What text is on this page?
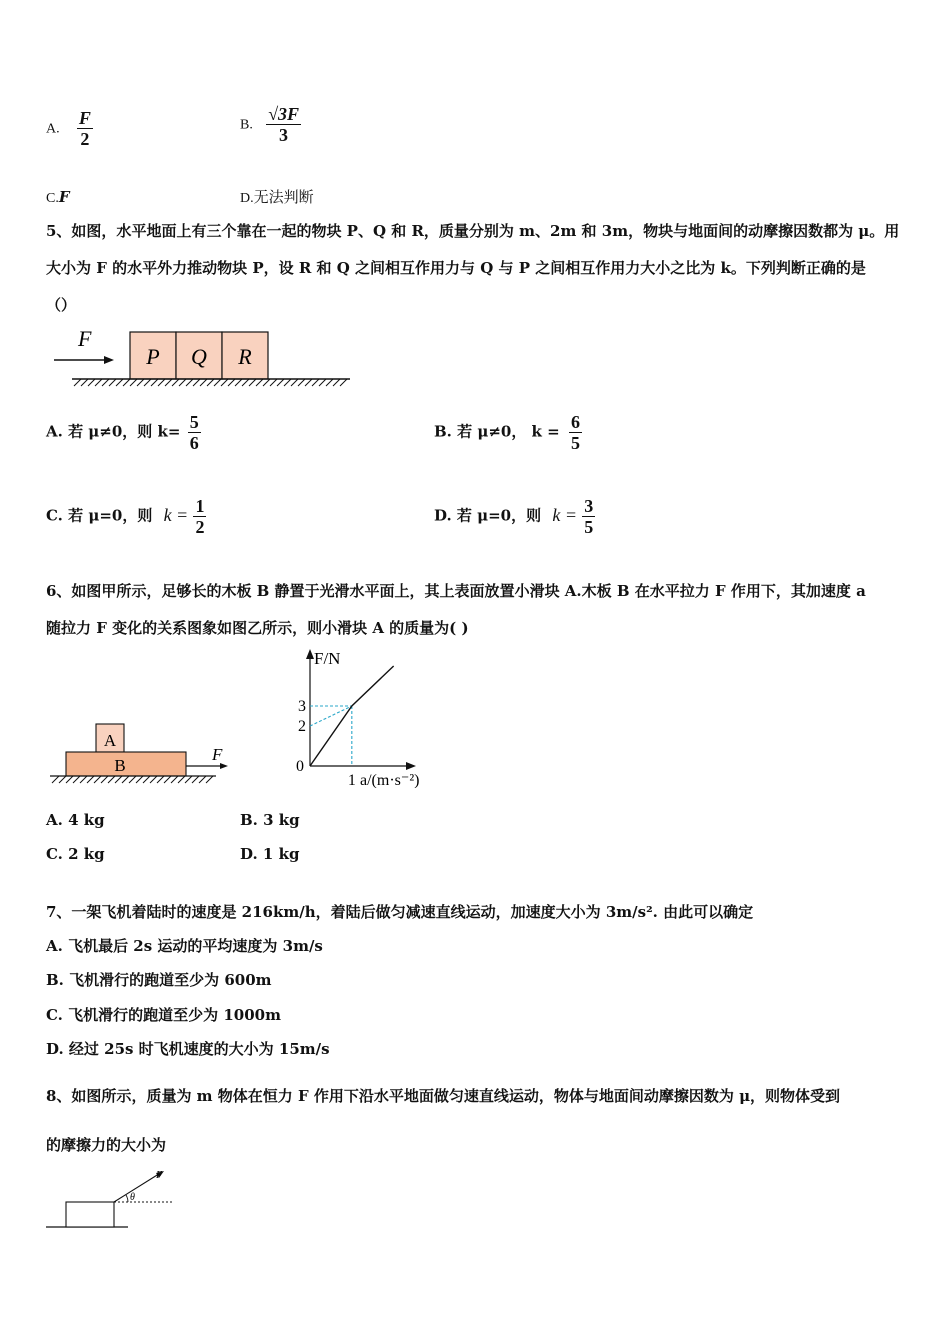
A. $\frac{F}{2}$	B. $\frac{√3F}{3}$
C.F	D.无法判断
5、如图，水平地面上有三个靠在一起的物块 P、Q 和 R，质量分别为 m、2m 和 3m，物块与地面间的动摩擦因数都为 μ。用
大小为 F 的水平外力推动物块 P，设 R 和 Q 之间相互作用力与 Q 与 P 之间相互作用力大小之比为 k。下列判断正确的是
（）
F
P Q R
A. 若 μ≠0，则 $k= \frac{5}{6}$	B. 若 μ≠0， $k = \frac{6}{5}$
C. 若 μ=0，则 $k = \frac{1}{2}$	D. 若 μ=0，则 $k = \frac{3}{5}$
6、如图甲所示，足够长的木板 B 静置于光滑水平面上，其上表面放置小滑块 A.木板 B 在水平拉力 F 作用下，其加速度 a
随拉力 F 变化的关系图象如图乙所示，则小滑块 A 的质量为( )
A
B
F
F/N
a/(m·s⁻²)
0
3
2
1
A. 4 kg	B. 3 kg
C. 2 kg	D. 1 kg
7、一架飞机着陆时的速度是 216km/h，着陆后做匀减速直线运动，加速度大小为 3m/s². 由此可以确定
A. 飞机最后 2s 运动的平均速度为 3m/s
B. 飞机滑行的跑道至少为 600m
C. 飞机滑行的跑道至少为 1000m
D. 经过 25s 时飞机速度的大小为 15m/s
8、如图所示，质量为 m 物体在恒力 F 作用下沿水平地面做匀速直线运动，物体与地面间动摩擦因数为 μ，则物体受到
的摩擦力的大小为
θ
F
